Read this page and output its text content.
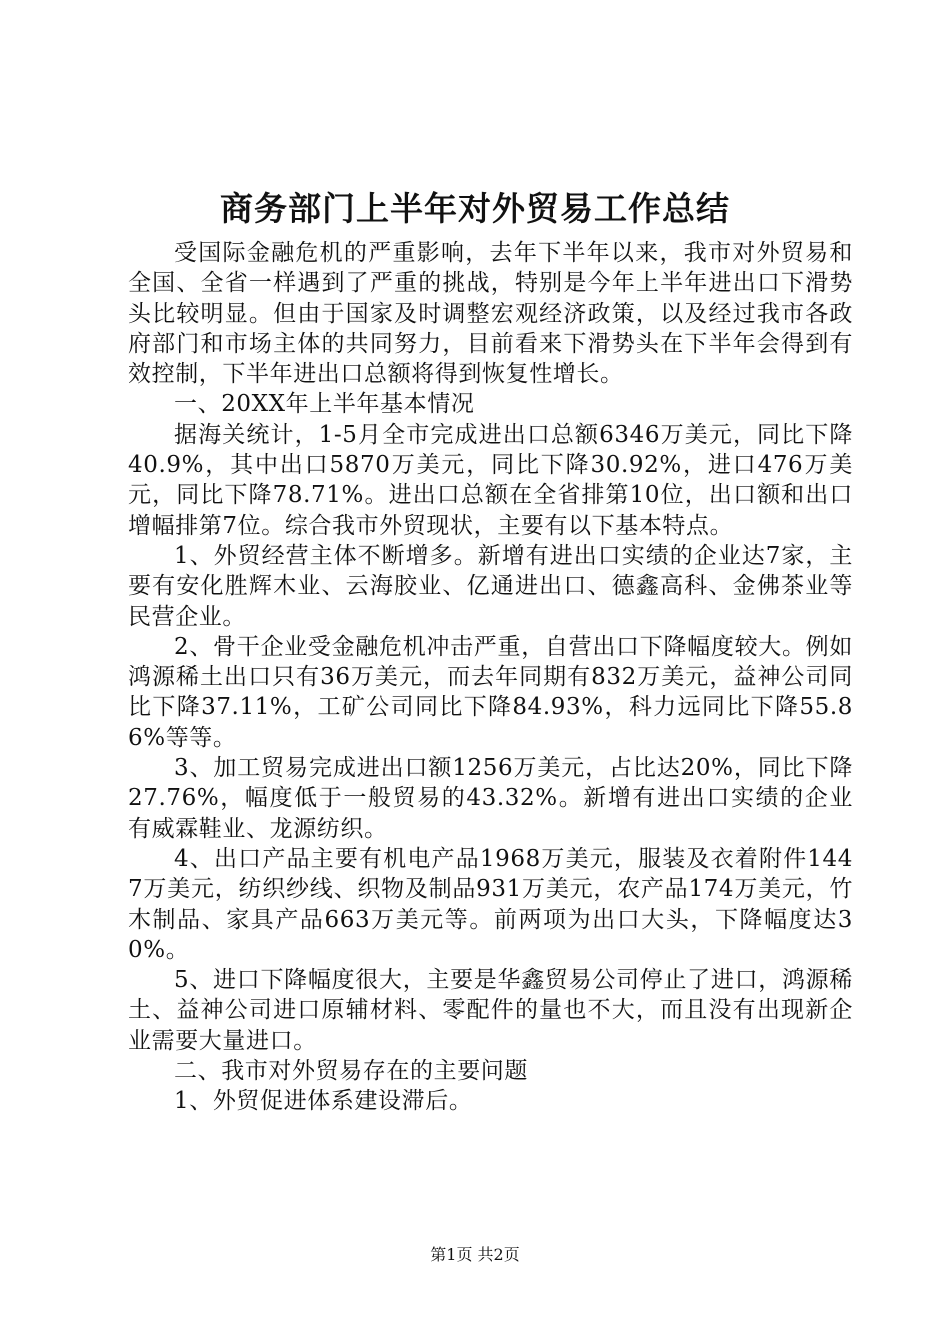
商务部门上半年对外贸易工作总结

受国际金融危机的严重影响，去年下半年以来，我市对外贸易和全国、全省一样遇到了严重的挑战，特别是今年上半年进出口下滑势头比较明显。但由于国家及时调整宏观经济政策，以及经过我市各政府部门和市场主体的共同努力，目前看来下滑势头在下半年会得到有效控制，下半年进出口总额将得到恢复性增长。

一、20XX年上半年基本情况

据海关统计，1-5月全市完成进出口总额6346万美元，同比下降40.9%，其中出口5870万美元，同比下降30.92%，进口476万美元，同比下降78.71%。进出口总额在全省排第10位，出口额和出口增幅排第7位。综合我市外贸现状，主要有以下基本特点。

1、外贸经营主体不断增多。新增有进出口实绩的企业达7家，主要有安化胜辉木业、云海胶业、亿通进出口、德鑫高科、金佛茶业等民营企业。

2、骨干企业受金融危机冲击严重，自营出口下降幅度较大。例如鸿源稀土出口只有36万美元，而去年同期有832万美元，益神公司同比下降37.11%，工矿公司同比下降84.93%，科力远同比下降55.86%等等。

3、加工贸易完成进出口额1256万美元，占比达20%，同比下降27.76%，幅度低于一般贸易的43.32%。新增有进出口实绩的企业有威霖鞋业、龙源纺织。

4、出口产品主要有机电产品1968万美元，服装及衣着附件1447万美元，纺织纱线、织物及制品931万美元，农产品174万美元，竹木制品、家具产品663万美元等。前两项为出口大头，下降幅度达30%。

5、进口下降幅度很大，主要是华鑫贸易公司停止了进口，鸿源稀土、益神公司进口原辅材料、零配件的量也不大，而且没有出现新企业需要大量进口。

二、我市对外贸易存在的主要问题

1、外贸促进体系建设滞后。

第1页 共2页
